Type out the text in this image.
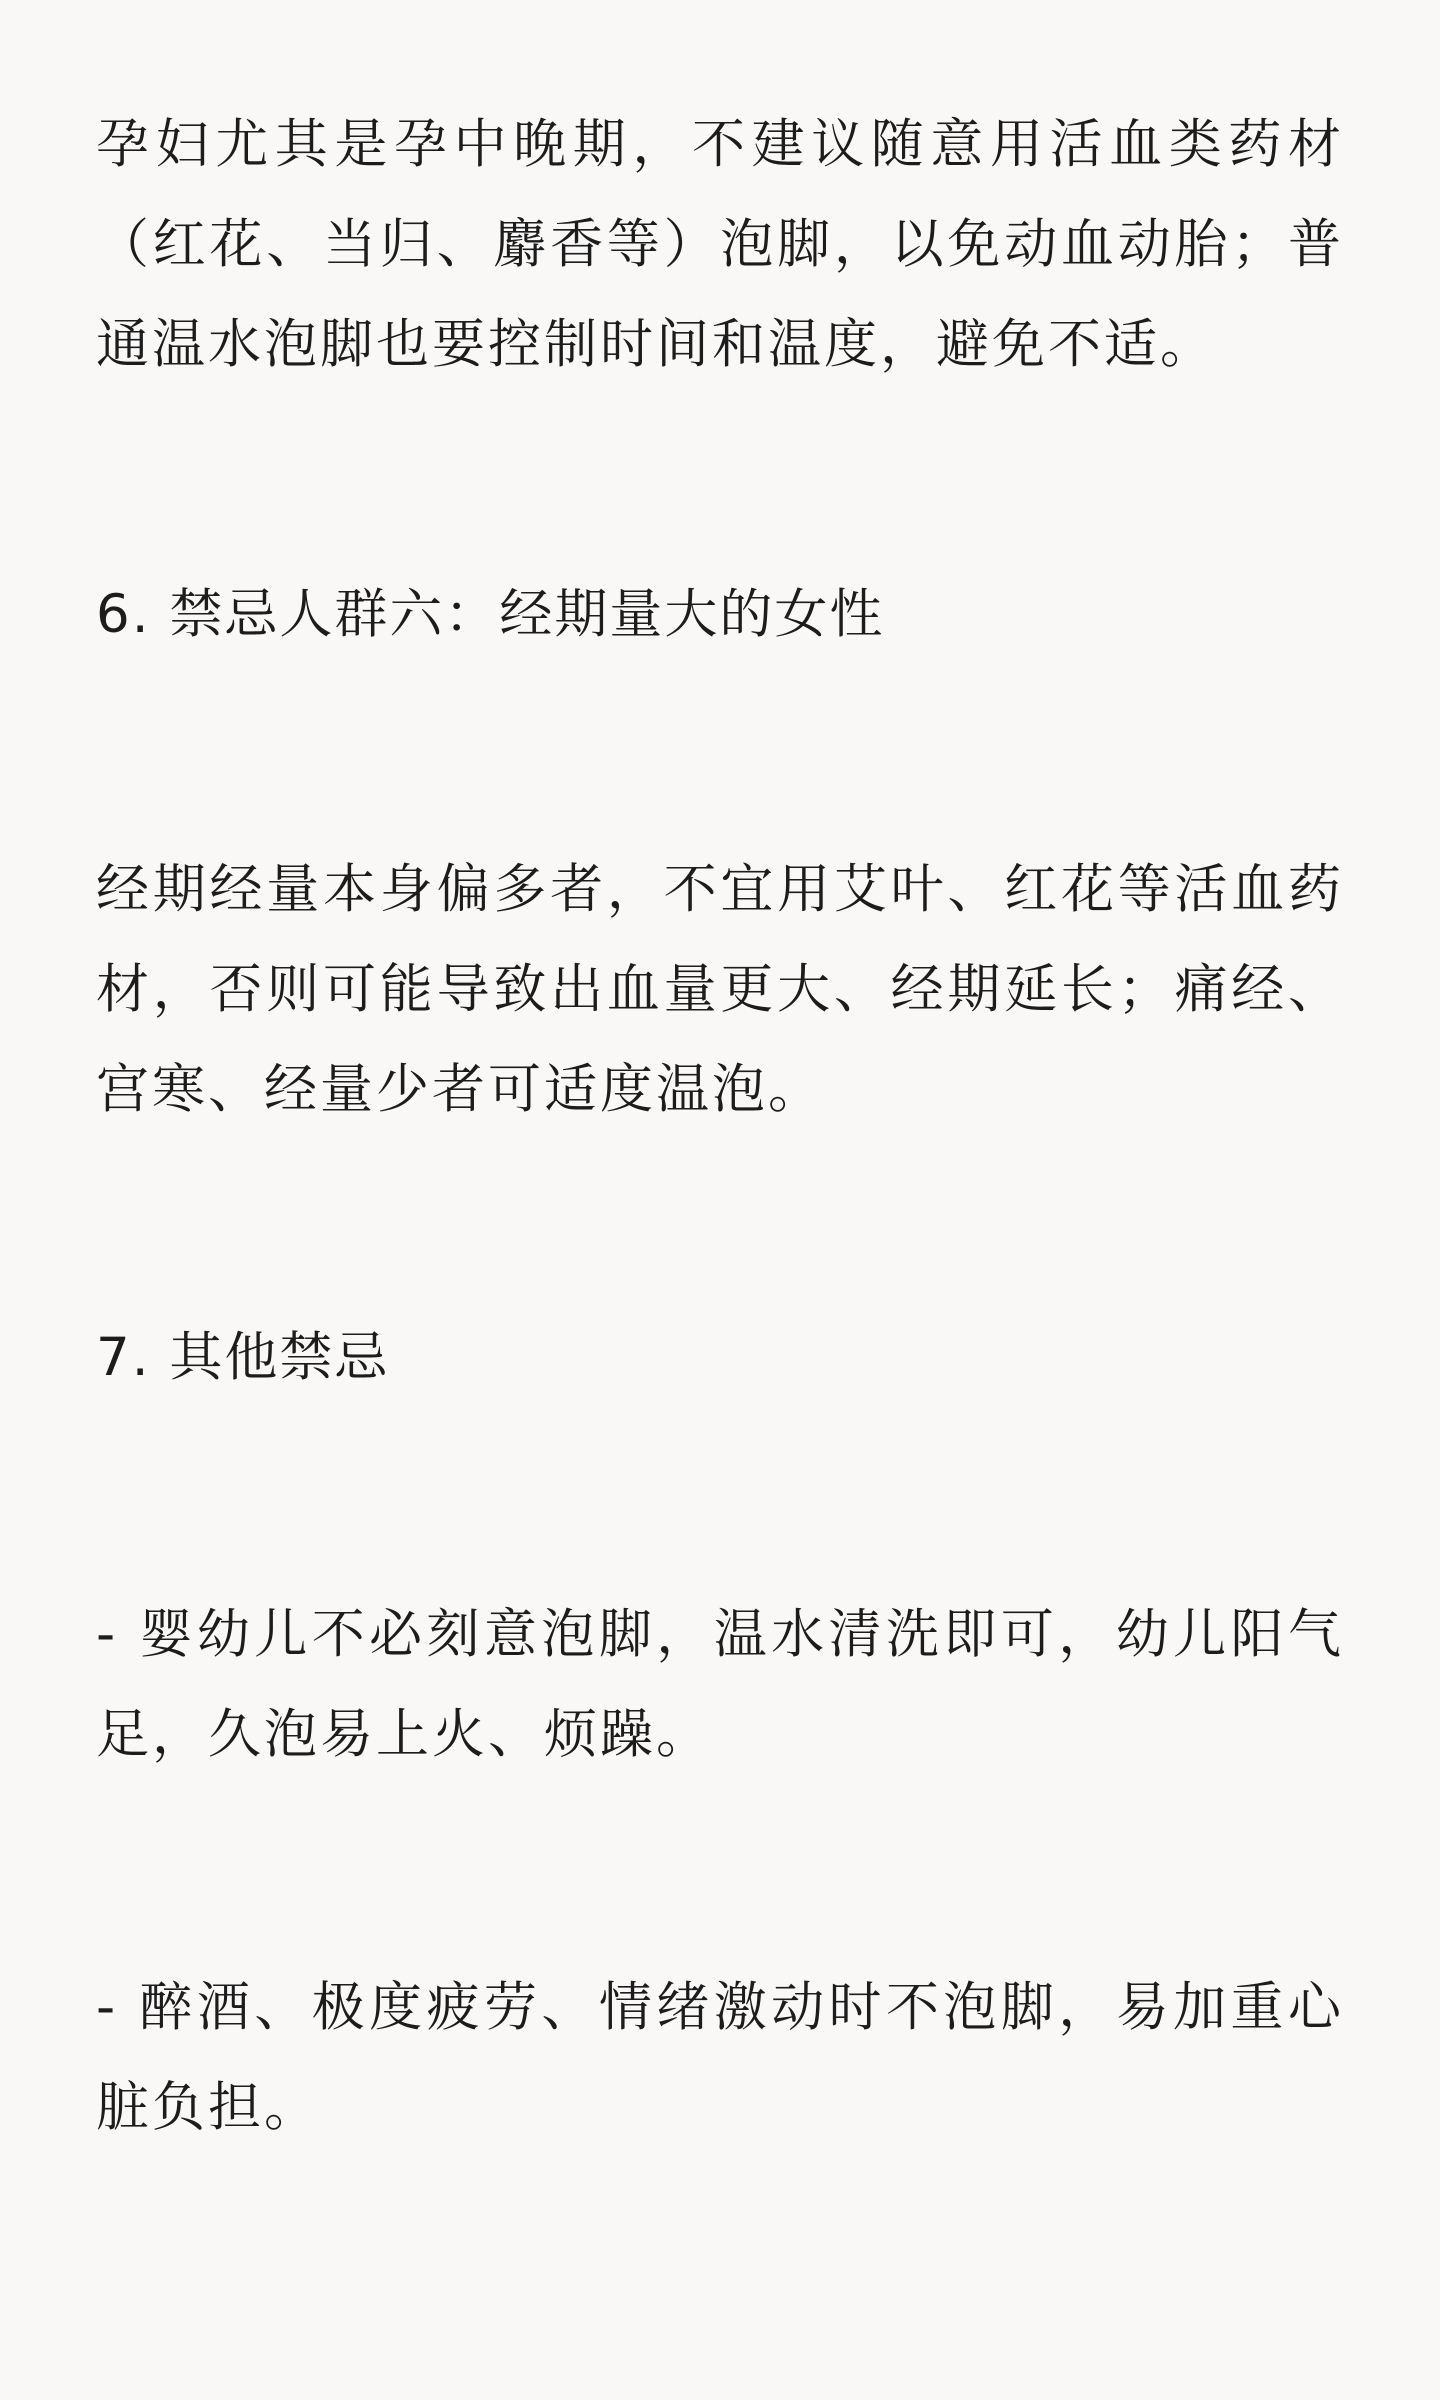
孕妇尤其是孕中晚期，不建议随意用活血类药材（红花、当归、麝香等）泡脚，以免动血动胎；普通温水泡脚也要控制时间和温度，避免不适。

6. 禁忌人群六：经期量大的女性

经期经量本身偏多者，不宜用艾叶、红花等活血药材，否则可能导致出血量更大、经期延长；痛经、宫寒、经量少者可适度温泡。

7. 其他禁忌

- 婴幼儿不必刻意泡脚，温水清洗即可，幼儿阳气足，久泡易上火、烦躁。

- 醉酒、极度疲劳、情绪激动时不泡脚，易加重心脏负担。
